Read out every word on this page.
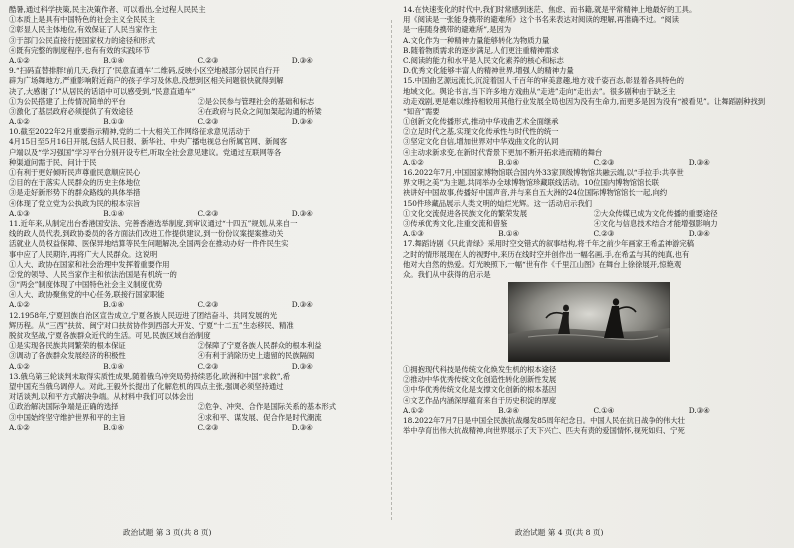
酷暑,通过科学抉策,民主决策作者、可以看出,全过程人民民主
①本质上是具有中国特色的社会主义全民民主
②彰显人民主体地位,有效保证了人民当家作主
③于部门公民直接行使国家权力的途径和形式
④既有完整的制度程序,也有有效的实践环节
A.①②	B.①④	C.②③	D.③④
9.“扫码直替排胖!前几天,我打了‘民意直通车’二维码,反映小区空地被部分居民自行开
辟为广场舞地方,严重影响附近商户的孩子学习及休息,没想到区相关问题很快就得到解
决了,大感谢了!”从居民的话语中可以感受到,“民意直通车”
①为公民搭建了上传情况简单的平台	②是公民参与管理社会的基础和标志
③激化了基层政府必须提供了有效途径	④在政府与民众之间加架起沟通的桥梁
A.①②	B.①③	C.②③	D.③④
10.截至2022年2月重要指示精神,党的二十大相关工作网络征求意见活动于
4月15日至5月16日开展,包括人民日报、新华社、中央广播电视总台所属官网、新闻客
户端以及“学习强国”学习平台分别开设专栏,听取全社会意见建议。党通过互联网等各
种渠道问需于民、问计于民
①有利于更好倾听民声尊重民意顺应民心
②目的在于落实人民群众的历史主体地位
③是走好新形势下的群众路线的具体举措
④体现了党立党为公执政为民的根本宗旨
A.①③	B.①④	C.②③	D.③④
11.近年来,从制定出台香港国安法、完善香港选举制度,到审议通过“十四五”规划,从来自一
线的政人员代表,到政协委员的各方面法们改进工作提供建议,到一份份议案提案推动关
活就业人员权益保障、医保异地结算等民生问题解决,全国两会在推动办好一件件民生实
事中应了人民期许,再将广大人民群众。这说明
①人大、政协在国家和社会治理中发挥着重要作用
②党的领导、人民当家作主和依法治国是有机统一的
③“两会”制度体现了中国特色社会主义制度优势
④人大、政协聚焦党的中心任务,联接行国家职能
A.①②	B.①④	C.②③	D.③④
12.1958年,宁夏回族自治区宣告成立,宁夏各族人民迈进了团结奋斗、共同发展的光
辉历程。从“三西”扶贫、闽宁对口扶贫协作到西部大开发、宁夏“十二五”生态移民、精准
脱贫攻坚战,宁夏各族群众近代的生活。可见,民族区域自治制度
①是实现各民族共同繁荣的根本保证	②保障了宁夏各族人民群众的根本利益
③调动了各族群众发展经济的积极性	④有利于消除历史上遗留的民族隔阂
A.①②	B.①④	C.②③	D.③④
13.俄乌第三轮谈判未取得实质性成果,随着俄乌冲突局势持续恶化,欧洲和中国“求救”,希
望中国充当俄乌调停人。对此,王毅外长提出了化解危机的四点主张,强调必须坚持通过
对话谈判,以和平方式解决争端。从材料中我们可以体会出
①政治解决国际争端是正确的选择	②危争、冲突、合作是国际关系的基本形式
③中国始终坚守维护世界和平的主旨	④求和平、谋发展、促合作是时代潮流
A.①②	B.①④	C.②③	D.③④
14.在快速变化的时代中,我们时常感到迷茫、焦虑、而书籍,就是平常精神上地最好的工具。
用《阅读是一张能身携带的避难所》这个书名来表达对阅读的理解,再准确不过。“阅读
是一座随身携带的避难所”,是因为
A.文化作为一种精神力量能够转化为物质力量
B.随着物质需求的逐步满足,人们更注重精神需求
C.阅读的能力和水平是人民文化素养的核心和标志
D.优秀文化能够丰富人的精神世界,增强人的精神力量
15.中国曲艺源远流长,沉淀着国人千百年的审美意趣,地方戏千姿百态,彰显着各具特色的
地域文化。舆论书言,当下许多地方戏曲从“走进”走向“走出去”。很多剧种由于缺乏主
动走戏剧,更是难以维持相较用其他行业发展全局也因为没有生命力,而更多是因为没有“被看见”。让舞蹈剧种找到
“知音”需要
①创新文化传播形式,推动中华戏曲艺术全面继承
②立足时代之基,实现文化传承性与时代性的统一
③坚定文化自信,增加世界对中华戏曲文化的认同
④主动求新求变,在新时代背景下更加不断开拓求进而精的舞台
A.①②	B.①④	C.②③	D.③④
16.2022年7月,中国国家博物馆联合国内外33家顶级博物馆共融云端,以“手拉手:共享世
界文明之美”为主题,共同举办全球博物馆珍藏联线活动。10位国内博物馆馆长联
袂讲好中国故事,传播好中国声音,并与来自五大洲的24位国际博物馆馆长一起,向约
150件珍藏品展示人类文明的灿烂光辉。这一活动启示我们
①文化交流促进各民族文化的繁荣发展	②大众传媒已成为文化传播的重要途径
③传承优秀文化,注重交流和借鉴	④文化与信息技术结合才能增强影响力
A.①③	B.①④	C.②③	D.③④
17.舞蹈诗剧《只此青绿》采用时空交错式的叙事结构,将千年之前少年画家王希孟神游完稿
之时的情形展现在人的视野中,来历在线时空并创作出一幅名画,手,在希孟与其的纯真,也有
他对大自然的热爱。灯光映照下,一幅“世有作《千里江山图》在舞台上徐徐展开,惊艳观
众。我们从中获得的启示是
①拥抱现代科技是传统文化焕发生机的根本途径
②推动中华优秀传统文化创造性转化创新性发展
③中华优秀传统文化是支撑文化创新的根本基因
④文艺作品内涵深厚蕴育来自于历史积淀的厚度
A.①②	B.②④	C.①④	D.③④
18.2022年7月7日是中国全民族抗战爆发85周年纪念日。中国人民在抗日战争的伟大壮
举中孕育出伟大抗战精神,向世界展示了天下兴亡、匹夫有责的爱国情怀,视死如归、宁死
政治试题 第 3 页(共 8 页)	政治试题 第 4 页(共 8 页)
